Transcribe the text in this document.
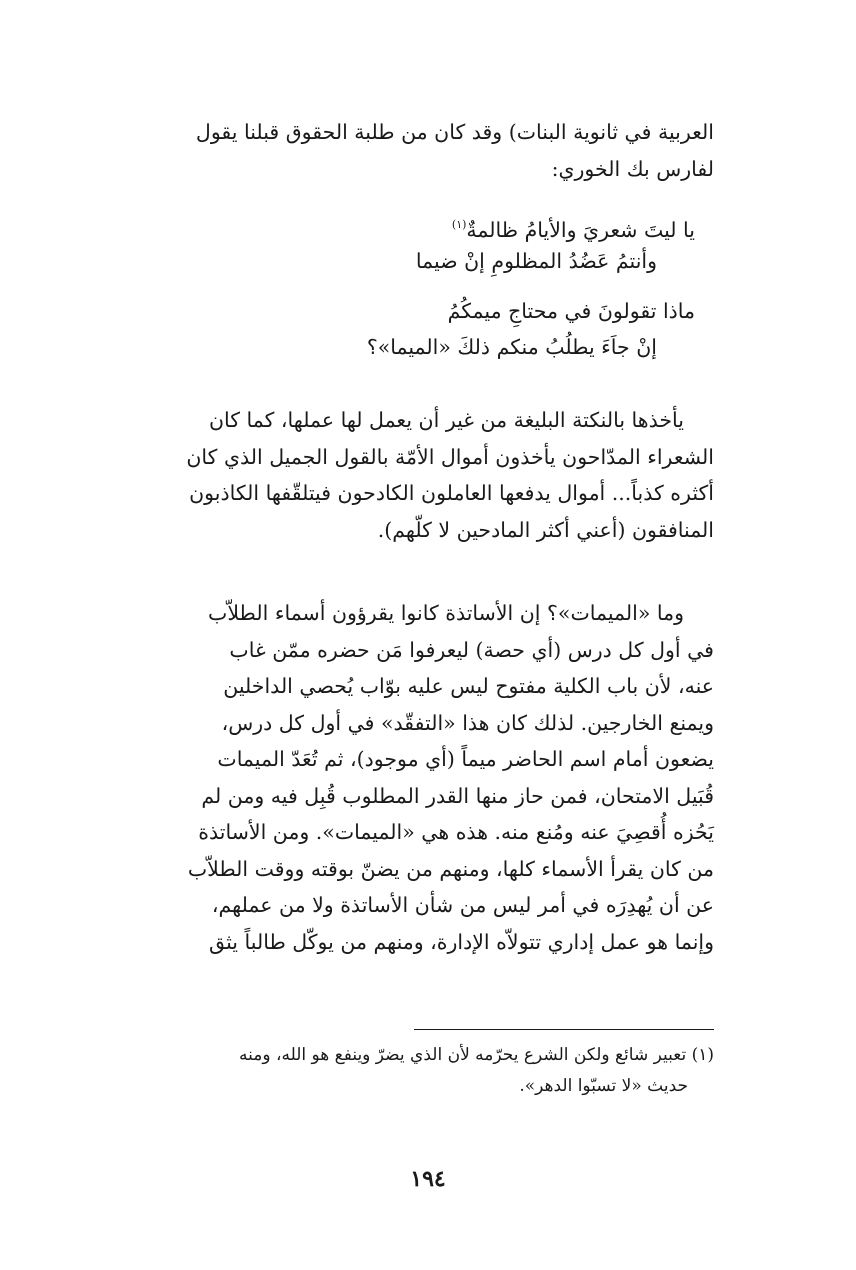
العربية في ثانوية البنات) وقد كان من طلبة الحقوق قبلنا يقول
لفارس بك الخوري:
يا ليتَ شعريَ والأيامُ ظالمةٌ$^{(١)}$
وأنتمُ عَضُدُ المظلومِ إنْ ضيما
ماذا تقولونَ في محتاجِ ميمكُمُ
إنْ جاَءَ يطلُبُ منكم ذلكَ «الميما»؟
يأخذها بالنكتة البليغة من غير أن يعمل لها عملها، كما كان
الشعراء المدّاحون يأخذون أموال الأمّة بالقول الجميل الذي كان
أكثره كذباً... أموال يدفعها العاملون الكادحون فيتلقّفها الكاذبون
المنافقون (أعني أكثر المادحين لا كلّهم).
وما «الميمات»؟ إن الأساتذة كانوا يقرؤون أسماء الطلاّب
في أول كل درس (أي حصة) ليعرفوا مَن حضره ممّن غاب
عنه، لأن باب الكلية مفتوح ليس عليه بوّاب يُحصي الداخلين
ويمنع الخارجين. لذلك كان هذا «التفقّد» في أول كل درس،
يضعون أمام اسم الحاضر ميماً (أي موجود)، ثم تُعَدّ الميمات
قُبَيل الامتحان، فمن حاز منها القدر المطلوب قُبِل فيه ومن لم
يَحُزه أُقصِيَ عنه ومُنع منه. هذه هي «الميمات». ومن الأساتذة
من كان يقرأ الأسماء كلها، ومنهم من يضنّ بوقته ووقت الطلاّب
عن أن يُهدِرَه في أمر ليس من شأن الأساتذة ولا من عملهم،
وإنما هو عمل إداري تتولاّه الإدارة، ومنهم من يوكّل طالباً يثق
(١) تعبير شائع ولكن الشرع يحرّمه لأن الذي يضرّ وينفع هو الله، ومنه
حديث «لا تسبّوا الدهر».
١٩٤
